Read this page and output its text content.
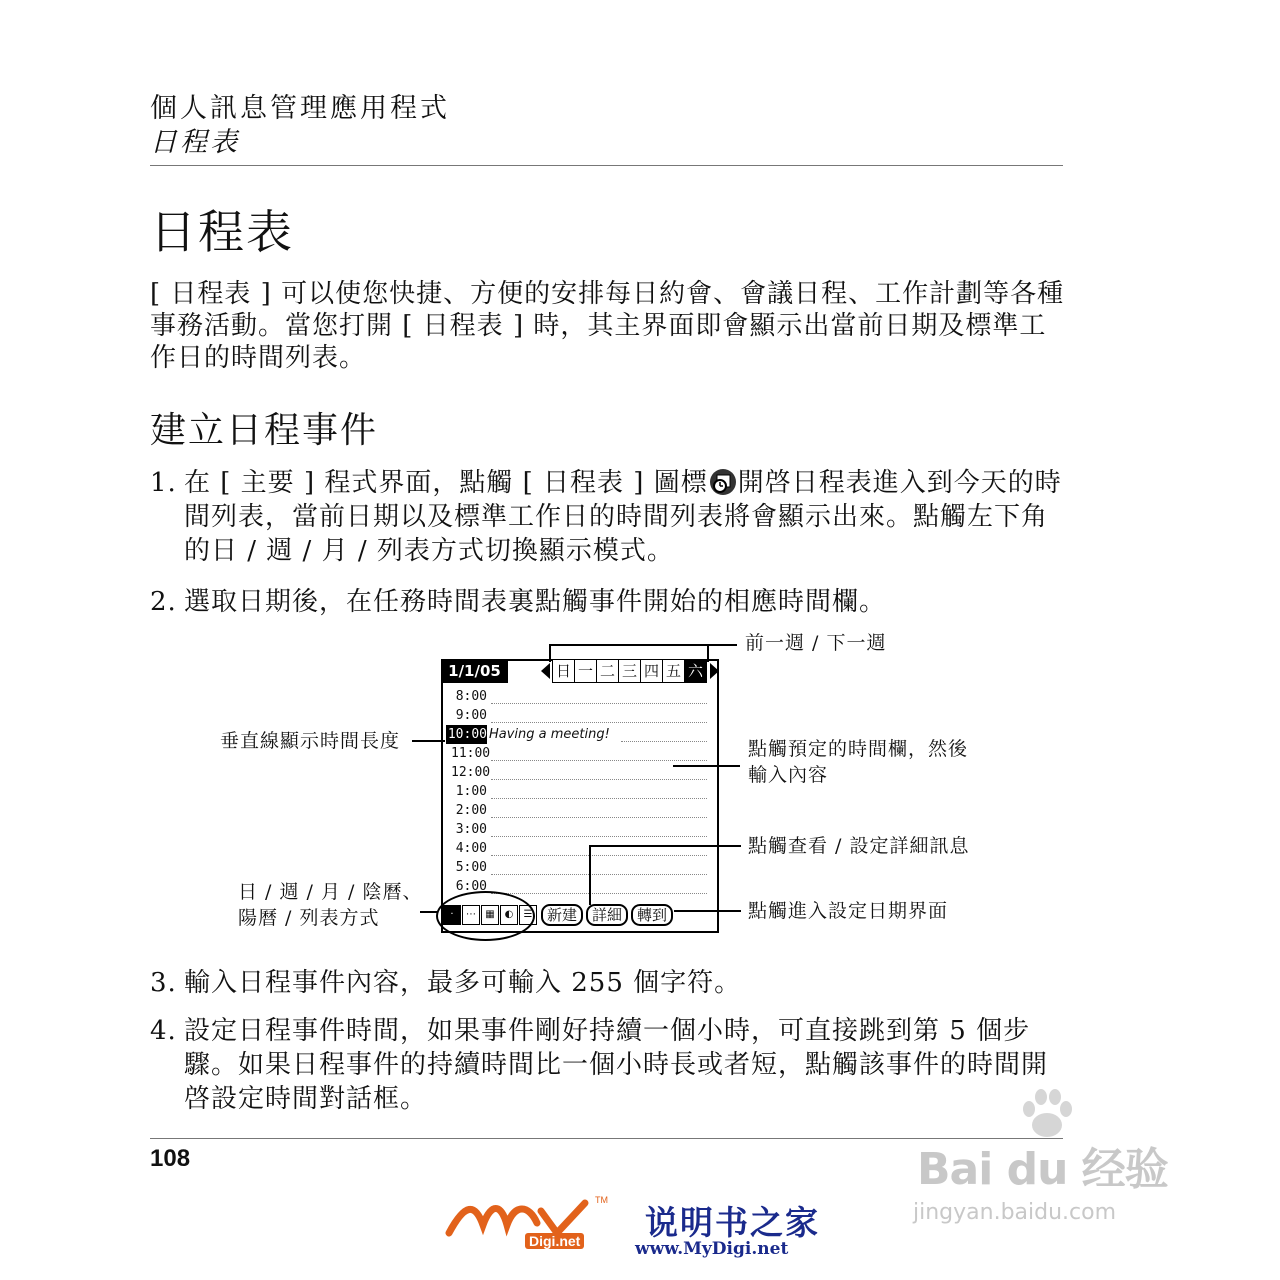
個人訊息管理應用程式
日程表
日程表
[ 日程表 ] 可以使您快捷、方便的安排每日約會、會議日程、工作計劃等各種事務活動。當您打開 [ 日程表 ] 時，其主界面即會顯示出當前日期及標準工作日的時間列表。
建立日程事件
1. 在 [ 主要 ] 程式界面，點觸 [ 日程表 ] 圖標 開啓日程表進入到今天的時間列表，當前日期以及標準工作日的時間列表將會顯示出來。點觸左下角的日 / 週 / 月 / 列表方式切換顯示模式。
2. 選取日期後，在任務時間表裏點觸事件開始的相應時間欄。
1/1/05	日 一 二 三 四 五 六
8:00
9:00
10:00 Having a meeting!
11:00
12:00
1:00
2:00
3:00
4:00
5:00
6:00
·	⋯ ▦ ◐	☰ 新建	詳細	轉到
前一週 / 下一週
垂直線顯示時間長度	點觸預定的時間欄，然後
輸入內容
點觸查看 / 設定詳細訊息
日 / 週 / 月 / 陰曆、
陽曆 / 列表方式	點觸進入設定日期界面
3. 輸入日程事件內容，最多可輸入 255 個字符。
4. 設定日程事件時間，如果事件剛好持續一個小時，可直接跳到第 5 個步驟。如果日程事件的持續時間比一個小時長或者短，點觸該事件的時間開啓設定時間對話框。
108	Bai du 经验
jingyan.baidu.com
TM
Digi.net 说明书之家
www.MyDigi.net
